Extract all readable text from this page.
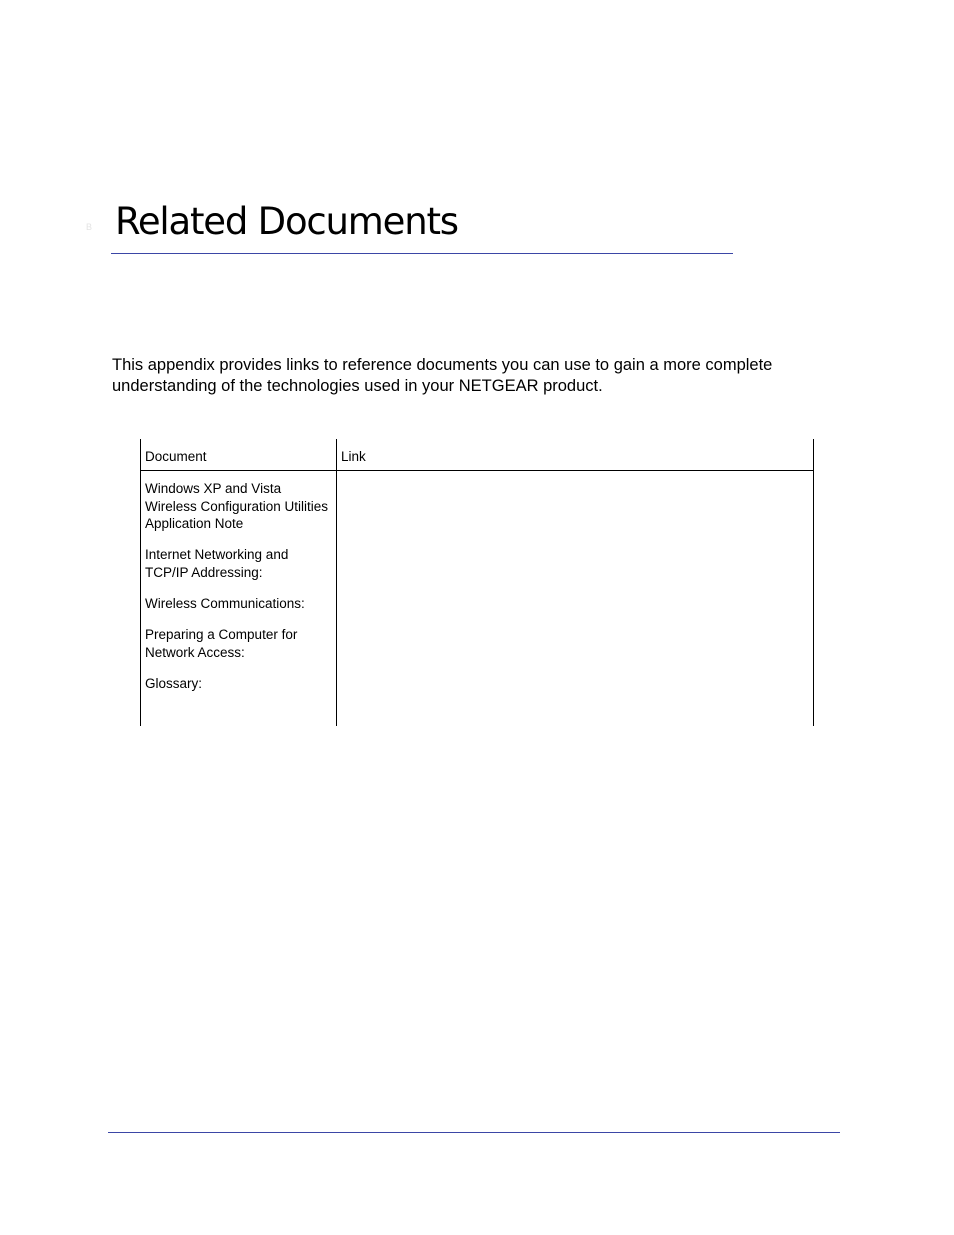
B Related Documents

This appendix provides links to reference documents you can use to gain a more complete understanding of the technologies used in your NETGEAR product.

Document	Link
Windows XP and Vista Wireless Configuration Utilities Application Note
Internet Networking and TCP/IP Addressing:
Wireless Communications:
Preparing a Computer for Network Access:
Glossary:
